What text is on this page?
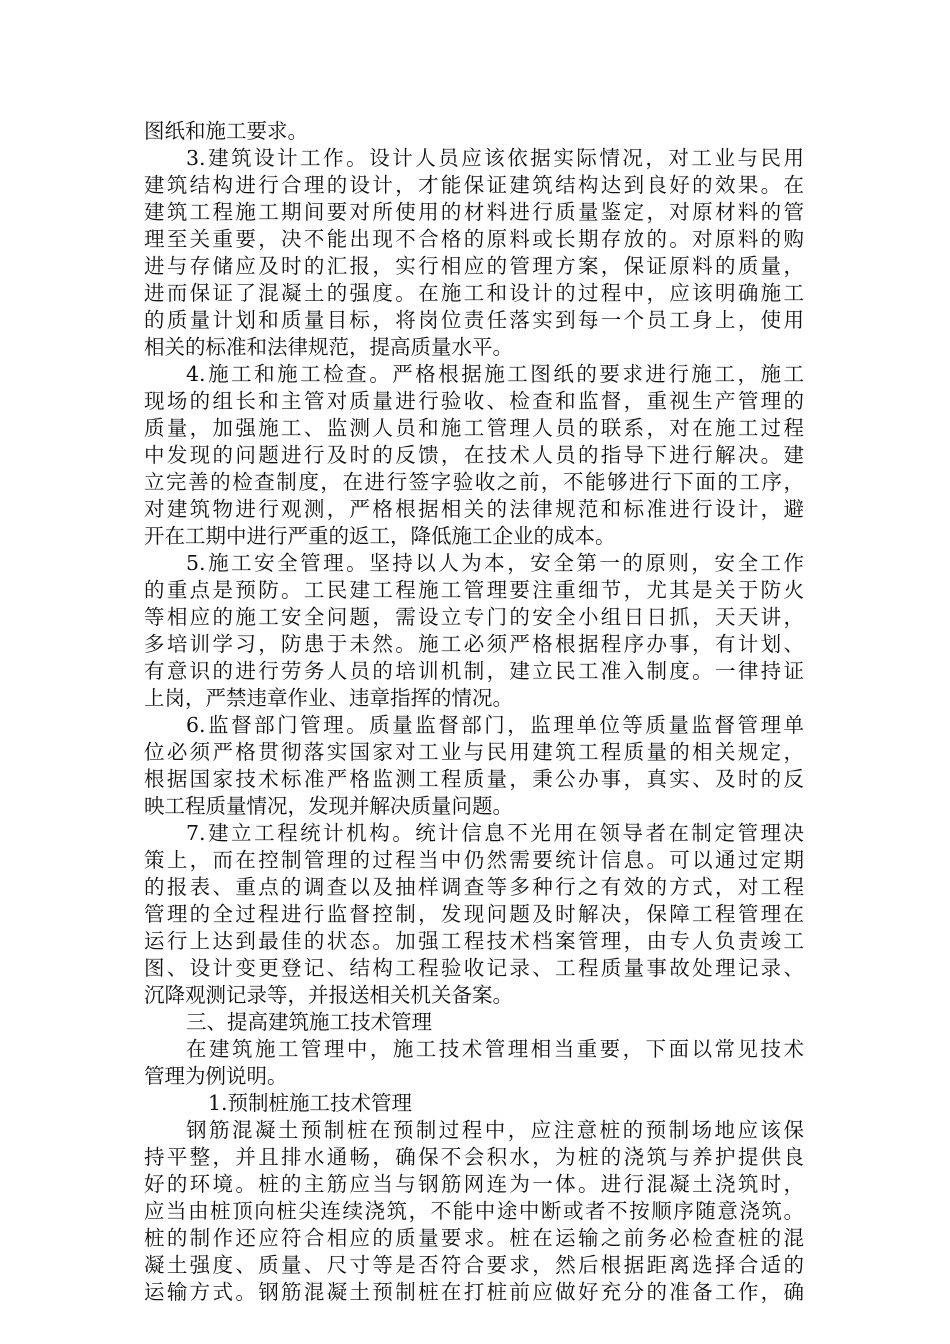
图纸和施工要求。
3.建筑设计工作。设计人员应该依据实际情况，对工业与民用
建筑结构进行合理的设计，才能保证建筑结构达到良好的效果。在
建筑工程施工期间要对所使用的材料进行质量鉴定，对原材料的管
理至关重要，决不能出现不合格的原料或长期存放的。对原料的购
进与存储应及时的汇报，实行相应的管理方案，保证原料的质量，
进而保证了混凝土的强度。在施工和设计的过程中，应该明确施工
的质量计划和质量目标，将岗位责任落实到每一个员工身上，使用
相关的标准和法律规范，提高质量水平。
4.施工和施工检查。严格根据施工图纸的要求进行施工，施工
现场的组长和主管对质量进行验收、检查和监督，重视生产管理的
质量，加强施工、监测人员和施工管理人员的联系，对在施工过程
中发现的问题进行及时的反馈，在技术人员的指导下进行解决。建
立完善的检查制度，在进行签字验收之前，不能够进行下面的工序，
对建筑物进行观测，严格根据相关的法律规范和标准进行设计，避
开在工期中进行严重的返工，降低施工企业的成本。
5.施工安全管理。坚持以人为本，安全第一的原则，安全工作
的重点是预防。工民建工程施工管理要注重细节，尤其是关于防火
等相应的施工安全问题，需设立专门的安全小组日日抓，天天讲，
多培训学习，防患于未然。施工必须严格根据程序办事，有计划、
有意识的进行劳务人员的培训机制，建立民工准入制度。一律持证
上岗，严禁违章作业、违章指挥的情况。
6.监督部门管理。质量监督部门，监理单位等质量监督管理单
位必须严格贯彻落实国家对工业与民用建筑工程质量的相关规定，
根据国家技术标准严格监测工程质量，秉公办事，真实、及时的反
映工程质量情况，发现并解决质量问题。
7.建立工程统计机构。统计信息不光用在领导者在制定管理决
策上，而在控制管理的过程当中仍然需要统计信息。可以通过定期
的报表、重点的调查以及抽样调查等多种行之有效的方式，对工程
管理的全过程进行监督控制，发现问题及时解决，保障工程管理在
运行上达到最佳的状态。加强工程技术档案管理，由专人负责竣工
图、设计变更登记、结构工程验收记录、工程质量事故处理记录、
沉降观测记录等，并报送相关机关备案。
三、提高建筑施工技术管理
在建筑施工管理中，施工技术管理相当重要，下面以常见技术
管理为例说明。
1.预制桩施工技术管理
钢筋混凝土预制桩在预制过程中，应注意桩的预制场地应该保
持平整，并且排水通畅，确保不会积水，为桩的浇筑与养护提供良
好的环境。桩的主筋应当与钢筋网连为一体。进行混凝土浇筑时，
应当由桩顶向桩尖连续浇筑，不能中途中断或者不按顺序随意浇筑。
桩的制作还应符合相应的质量要求。桩在运输之前务必检查桩的混
凝土强度、质量、尺寸等是否符合要求，然后根据距离选择合适的
运输方式。钢筋混凝土预制桩在打桩前应做好充分的准备工作，确
